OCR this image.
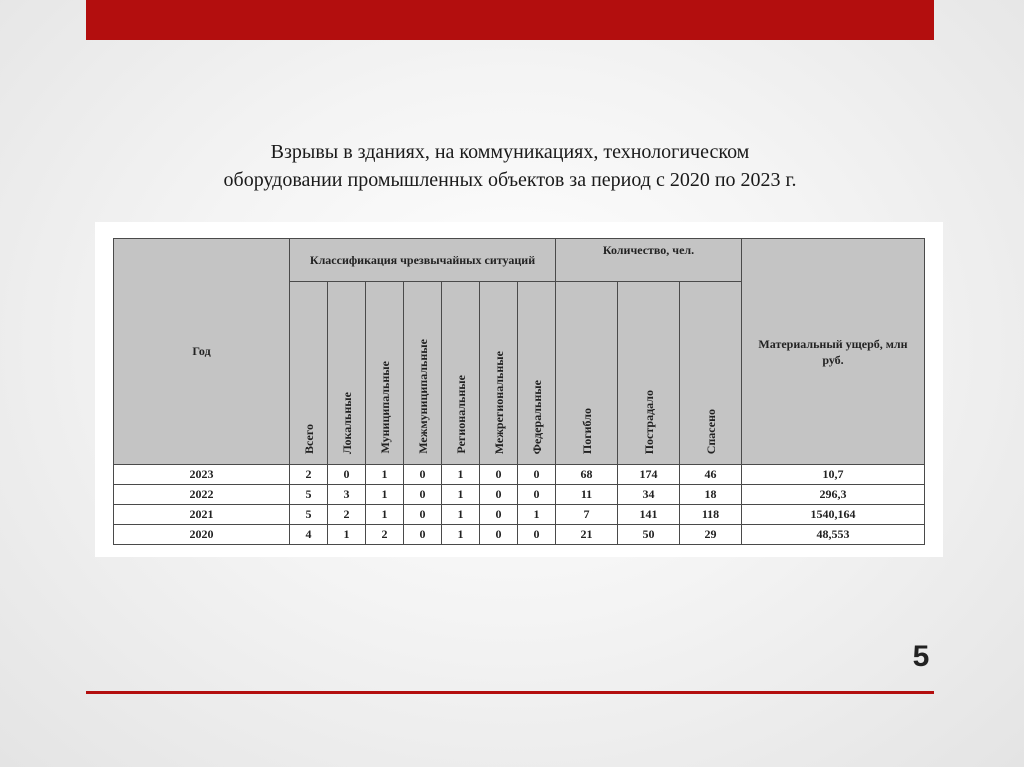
Взрывы в зданиях, на коммуникациях, технологическом
оборудовании промышленных объектов за период с 2020 по 2023 г.
Год	Классификация чрезвычайных ситуаций							Количество, чел.			Материальный ущерб, млн руб.
	Всего	Локальные	Муниципальные	Межмуниципальные	Региональные	Межрегиональные	Федеральные	Погибло	Пострадало	Спасено	
2023	2	0	1	0	1	0	0	68	174	46	10,7
2022	5	3	1	0	1	0	0	11	34	18	296,3
2021	5	2	1	0	1	0	1	7	141	118	1540,164
2020	4	1	2	0	1	0	0	21	50	29	48,553
5
